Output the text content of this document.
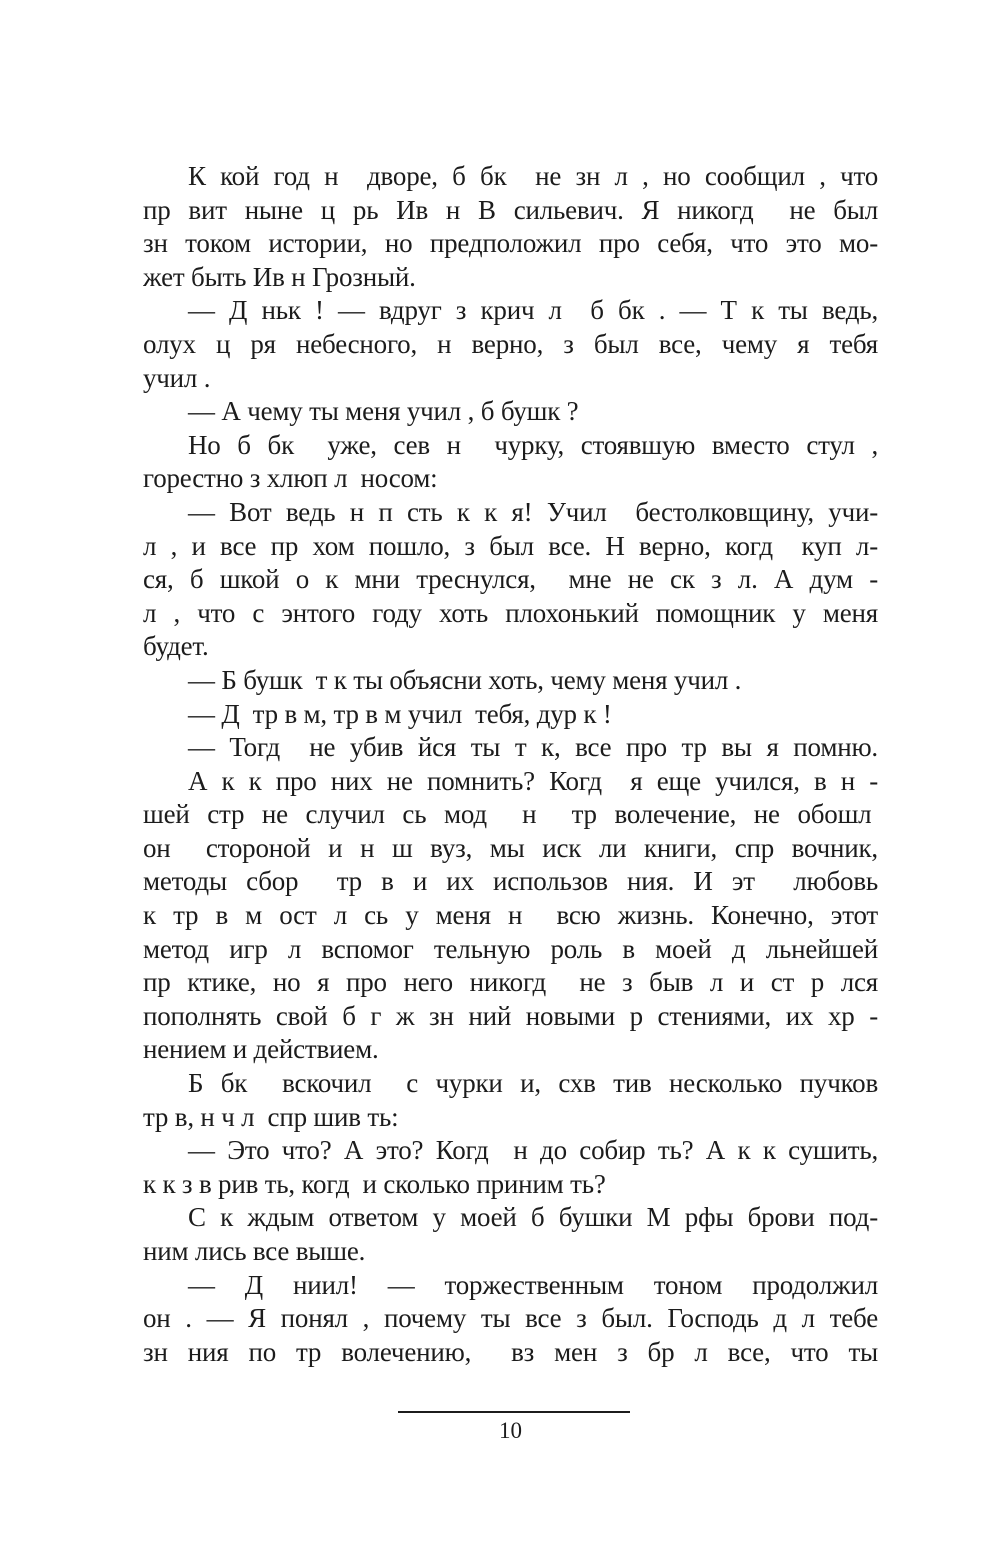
К кой год н  дворе, б бк  не зн л , но сообщил , что
пр вит ныне ц рь Ив н В сильевич. Я никогд  не был
зн током истории, но предположил про себя, что это мо-
жет быть Ив н Грозный.
— Д ньк ! — вдруг з крич л  б бк . — Т к ты ведь,
олух ц ря небесного, н верно, з был все, чему я тебя
учил .
— А чему ты меня учил , б бушк ?
Но б бк  уже, сев н  чурку, стоявшую вместо стул ,
горестно з хлюп л  носом:
— Вот ведь н п сть к к я! Учил  бестолковщину, учи-
л , и все пр хом пошло, з был все. Н верно, когд  куп л-
ся, б шкой о к мни треснулся,  мне не ск з л. А дум -
л , что с энтого году хоть плохонький помощник у меня
будет.
— Б бушк  т к ты объясни хоть, чему меня учил .
— Д  тр в м, тр в м учил  тебя, дур к !
— Тогд  не убив йся ты т к, все про тр вы я помню.
А к к про них не помнить? Когд  я еще учился, в н -
шей стр не случил сь мод  н  тр волечение, не обошл
он  стороной и н ш вуз, мы иск ли книги, спр вочник,
методы сбор  тр в и их использов ния. И эт  любовь
к тр в м ост л сь у меня н  всю жизнь. Конечно, этот
метод игр л вспомог тельную роль в моей д льнейшей
пр ктике, но я про него никогд  не з быв л и ст р лся
пополнять свой б г ж зн ний новыми р стениями, их хр -
нением и действием.
Б бк  вскочил  с чурки и, схв тив несколько пучков
тр в, н ч л  спр шив ть:
— Это что? А это? Когд  н до собир ть? А к к сушить,
к к з в рив ть, когд  и сколько приним ть?
С к ждым ответом у моей б бушки М рфы брови под-
ним лись все выше.
— Д ниил! — торжественным тоном продолжил
он . — Я понял , почему ты все з был. Господь д л тебе
зн ния по тр волечению,  вз мен з бр л все, что ты
10
